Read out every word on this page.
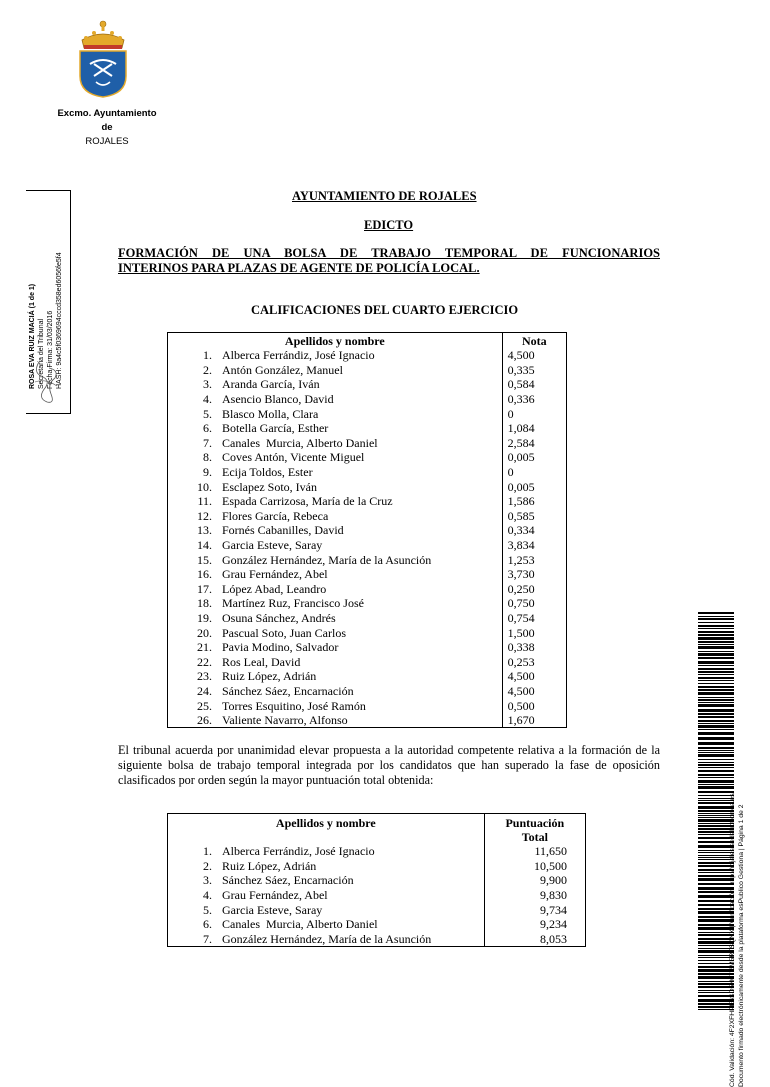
Excmo. Ayuntamiento
de
ROJALES
ROSA EVA RUIZ MACIÁ (1 de 1) Secretaria del Tribunal Fecha Firma: 31/03/2016 HASH: 9a4c5f0369694cccd358ed6056fe5f4
AYUNTAMIENTO DE ROJALES
EDICTO
FORMACIÓN DE UNA BOLSA DE TRABAJO TEMPORAL DE FUNCIONARIOS
INTERINOS PARA PLAZAS DE AGENTE DE POLICÍA LOCAL.
CALIFICACIONES DEL CUARTO EJERCICIO
Apellidos y nombre	Nota
1. Alberca Ferrándiz, José Ignacio	4,500
2. Antón González, Manuel	0,335
3. Aranda García, Iván	0,584
4. Asencio Blanco, David	0,336
5. Blasco Molla, Clara	0
6. Botella García, Esther	1,084
7. Canales  Murcia, Alberto Daniel	2,584
8. Coves Antón, Vicente Miguel	0,005
9. Ecija Toldos, Ester	0
10. Esclapez Soto, Iván	0,005
11. Espada Carrizosa, María de la Cruz	1,586
12. Flores García, Rebeca	0,585
13. Fornés Cabanilles, David	0,334
14. Garcia Esteve, Saray	3,834
15. González Hernández, María de la Asunción	1,253
16. Grau Fernández, Abel	3,730
17. López Abad, Leandro	0,250
18. Martínez Ruz, Francisco José	0,750
19. Osuna Sánchez, Andrés	0,754
20. Pascual Soto, Juan Carlos	1,500
21. Pavia Modino, Salvador	0,338
22. Ros Leal, David	0,253
23. Ruiz López, Adrián	4,500
24. Sánchez Sáez, Encarnación	4,500
25. Torres Esquitino, José Ramón	0,500
26. Valiente Navarro, Alfonso	1,670
El tribunal acuerda por unanimidad elevar propuesta a la autoridad competente relativa a la formación de la siguiente bolsa de trabajo temporal integrada por los candidatos que han superado la fase de oposición clasificados por orden según la mayor puntuación total obtenida:
Apellidos y nombre	Puntuación
Total
1. Alberca Ferrándiz, José Ignacio	11,650
2. Ruiz López, Adrián	10,500
3. Sánchez Sáez, Encarnación	9,900
4. Grau Fernández, Abel	9,830
5. Garcia Esteve, Saray	9,734
6. Canales  Murcia, Alberto Daniel	9,234
7. González Hernández, María de la Asunción	8,053	Cód. Validación: 4F2XFHPE6SD5N67GM5RTSQNX | Verificación: http://rojales.sedelectronica.es/ Documento firmado electrónicamente desde la plataforma esPublico Gestiona | Página 1 de 2
